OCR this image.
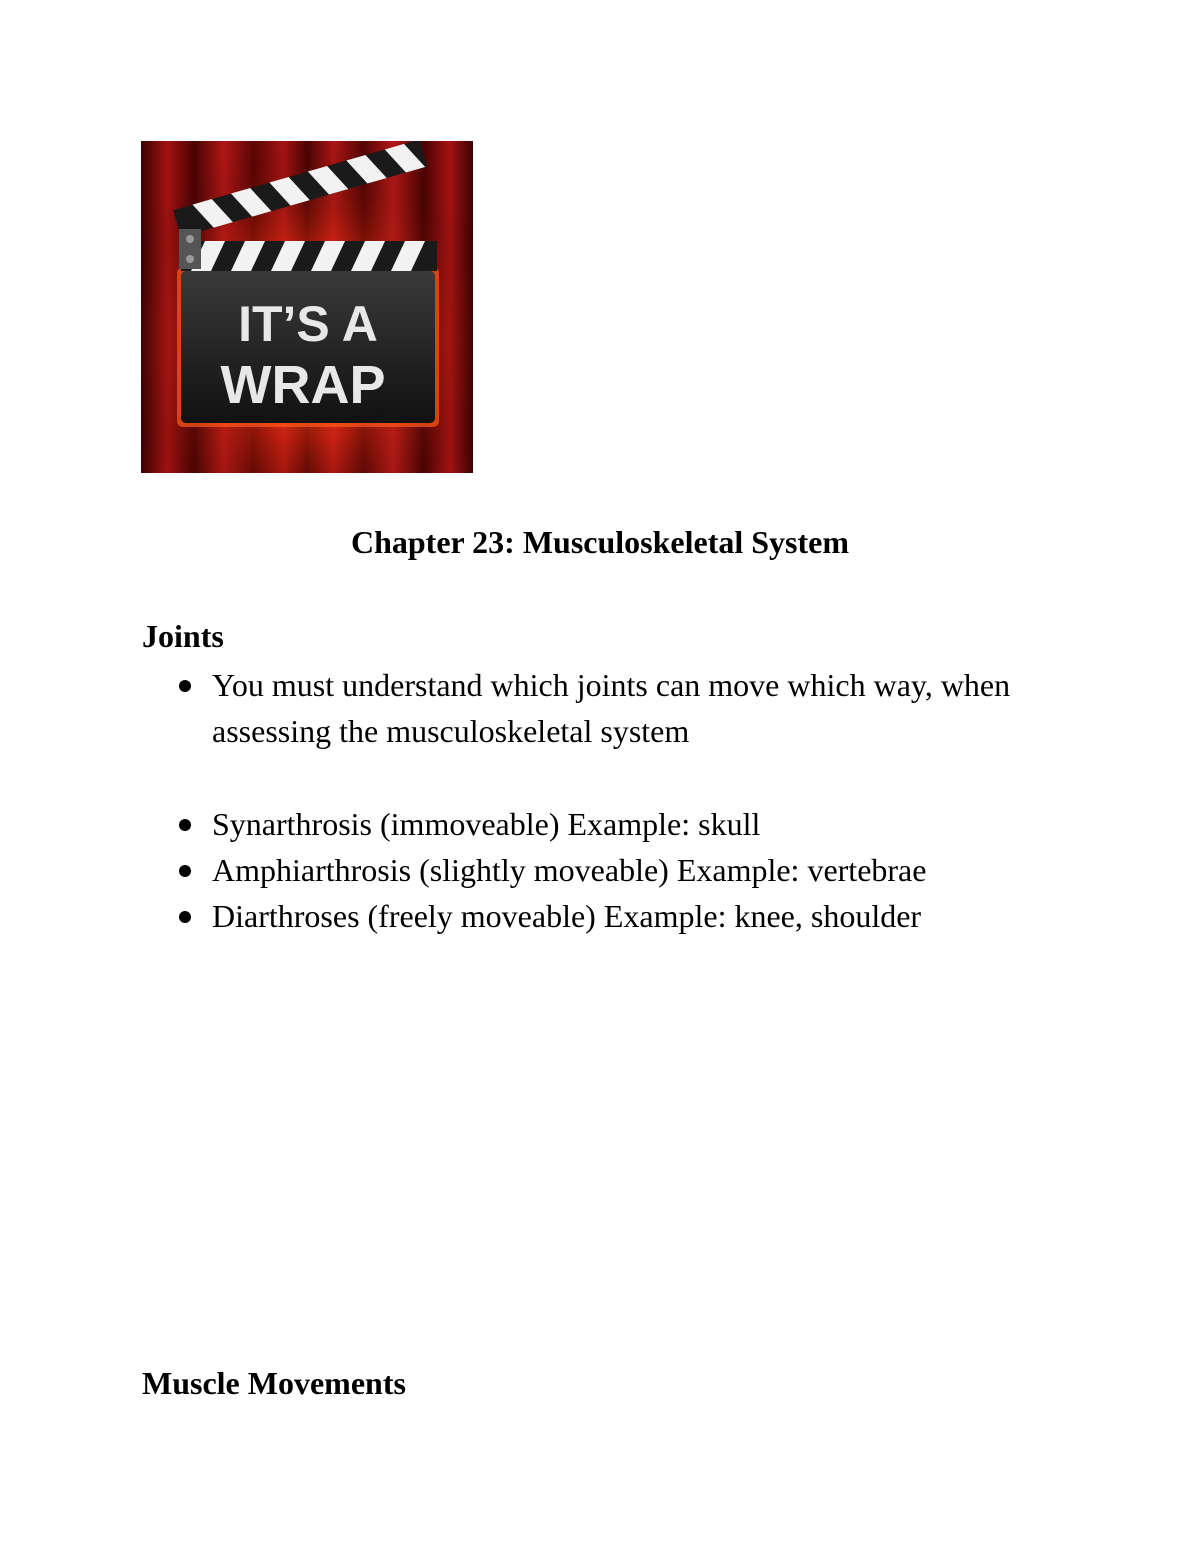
IT’S A
WRAP
Chapter 23: Musculoskeletal System
Joints
You must understand which joints can move which way, when assessing the musculoskeletal system
Synarthrosis (immoveable) Example: skull
Amphiarthrosis (slightly moveable) Example: vertebrae
Diarthroses (freely moveable) Example: knee, shoulder
Muscle Movements
